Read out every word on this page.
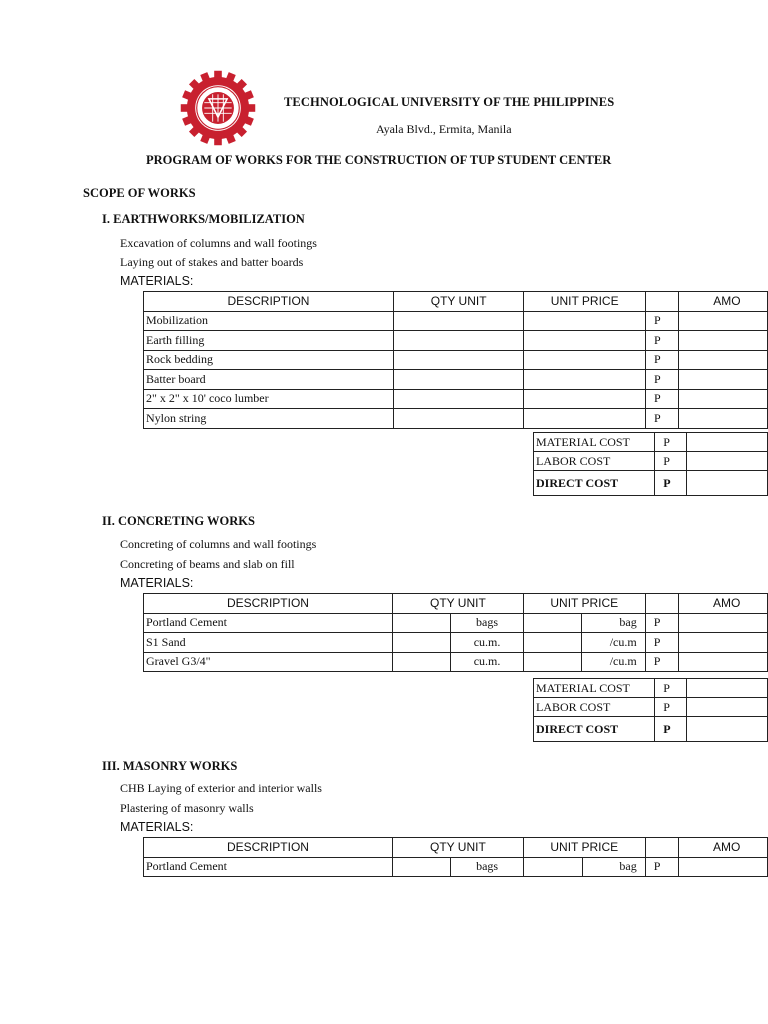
TECHNOLOGICAL UNIVERSITY OF THE PHILIPPINES
Ayala Blvd., Ermita, Manila
PROGRAM OF WORKS FOR THE CONSTRUCTION OF TUP STUDENT CENTER
SCOPE OF WORKS
I. EARTHWORKS/MOBILIZATION
Excavation of columns and wall footings
Laying out of stakes and batter boards
MATERIALS:
DESCRIPTION	QTY UNIT	UNIT PRICE		AMO
Mobilization			P	
Earth filling			P	
Rock bedding			P	
Batter board			P	
2" x 2" x 10' coco lumber			P	
Nylon string			P	
MATERIAL COST	P	
LABOR COST	P	
DIRECT COST	P	
II. CONCRETING WORKS
Concreting of columns and wall footings
Concreting of beams and slab on fill
MATERIALS:
DESCRIPTION	QTY UNIT		UNIT PRICE			AMO
Portland Cement		bags		bag	P	
S1 Sand		cu.m.		/cu.m	P	
Gravel G3/4"		cu.m.		/cu.m	P	
MATERIAL COST	P	
LABOR COST	P	
DIRECT COST	P	
III. MASONRY WORKS
CHB Laying of exterior and interior walls
Plastering of masonry walls
MATERIALS:
DESCRIPTION	QTY UNIT		UNIT PRICE			AMO
Portland Cement		bags		bag	P	
